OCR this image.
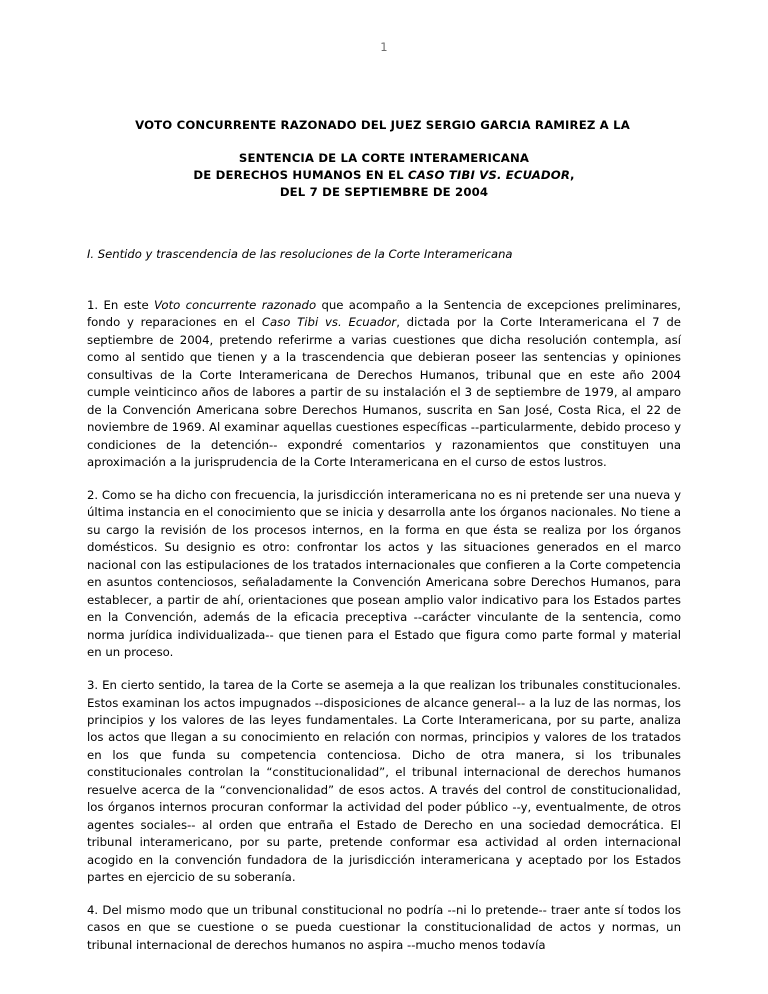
1
VOTO CONCURRENTE RAZONADO DEL JUEZ SERGIO GARCIA RAMIREZ A LA
SENTENCIA DE LA CORTE INTERAMERICANA
DE DERECHOS HUMANOS EN EL CASO TIBI VS. ECUADOR,
DEL 7 DE SEPTIEMBRE DE 2004
I. Sentido y trascendencia de las resoluciones de la Corte Interamericana

1. En este Voto concurrente razonado que acompaño a la Sentencia de excepciones preliminares, fondo y reparaciones en el Caso Tibi vs. Ecuador, dictada por la Corte Interamericana el 7 de septiembre de 2004, pretendo referirme a varias cuestiones que dicha resolución contempla, así como al sentido que tienen y a la trascendencia que debieran poseer las sentencias y opiniones consultivas de la Corte Interamericana de Derechos Humanos, tribunal que en este año 2004 cumple veinticinco años de labores a partir de su instalación el 3 de septiembre de 1979, al amparo de la Convención Americana sobre Derechos Humanos, suscrita en San José, Costa Rica, el 22 de noviembre de 1969. Al examinar aquellas cuestiones específicas --particularmente, debido proceso y condiciones de la detención-- expondré comentarios y razonamientos que constituyen una aproximación a la jurisprudencia de la Corte Interamericana en el curso de estos lustros.

2. Como se ha dicho con frecuencia, la jurisdicción interamericana no es ni pretende ser una nueva y última instancia en el conocimiento que se inicia y desarrolla ante los órganos nacionales. No tiene a su cargo la revisión de los procesos internos, en la forma en que ésta se realiza por los órganos domésticos. Su designio es otro: confrontar los actos y las situaciones generados en el marco nacional con las estipulaciones de los tratados internacionales que confieren a la Corte competencia en asuntos contenciosos, señaladamente la Convención Americana sobre Derechos Humanos, para establecer, a partir de ahí, orientaciones que posean amplio valor indicativo para los Estados partes en la Convención, además de la eficacia preceptiva --carácter vinculante de la sentencia, como norma jurídica individualizada-- que tienen para el Estado que figura como parte formal y material en un proceso.

3. En cierto sentido, la tarea de la Corte se asemeja a la que realizan los tribunales constitucionales. Estos examinan los actos impugnados --disposiciones de alcance general-- a la luz de las normas, los principios y los valores de las leyes fundamentales. La Corte Interamericana, por su parte, analiza los actos que llegan a su conocimiento en relación con normas, principios y valores de los tratados en los que funda su competencia contenciosa. Dicho de otra manera, si los tribunales constitucionales controlan la “constitucionalidad”, el tribunal internacional de derechos humanos resuelve acerca de la “convencionalidad” de esos actos. A través del control de constitucionalidad, los órganos internos procuran conformar la actividad del poder público --y, eventualmente, de otros agentes sociales-- al orden que entraña el Estado de Derecho en una sociedad democrática. El tribunal interamericano, por su parte, pretende conformar esa actividad al orden internacional acogido en la convención fundadora de la jurisdicción interamericana y aceptado por los Estados partes en ejercicio de su soberanía.

4. Del mismo modo que un tribunal constitucional no podría --ni lo pretende-- traer ante sí todos los casos en que se cuestione o se pueda cuestionar la constitucionalidad de actos y normas, un tribunal internacional de derechos humanos no aspira --mucho menos todavía
